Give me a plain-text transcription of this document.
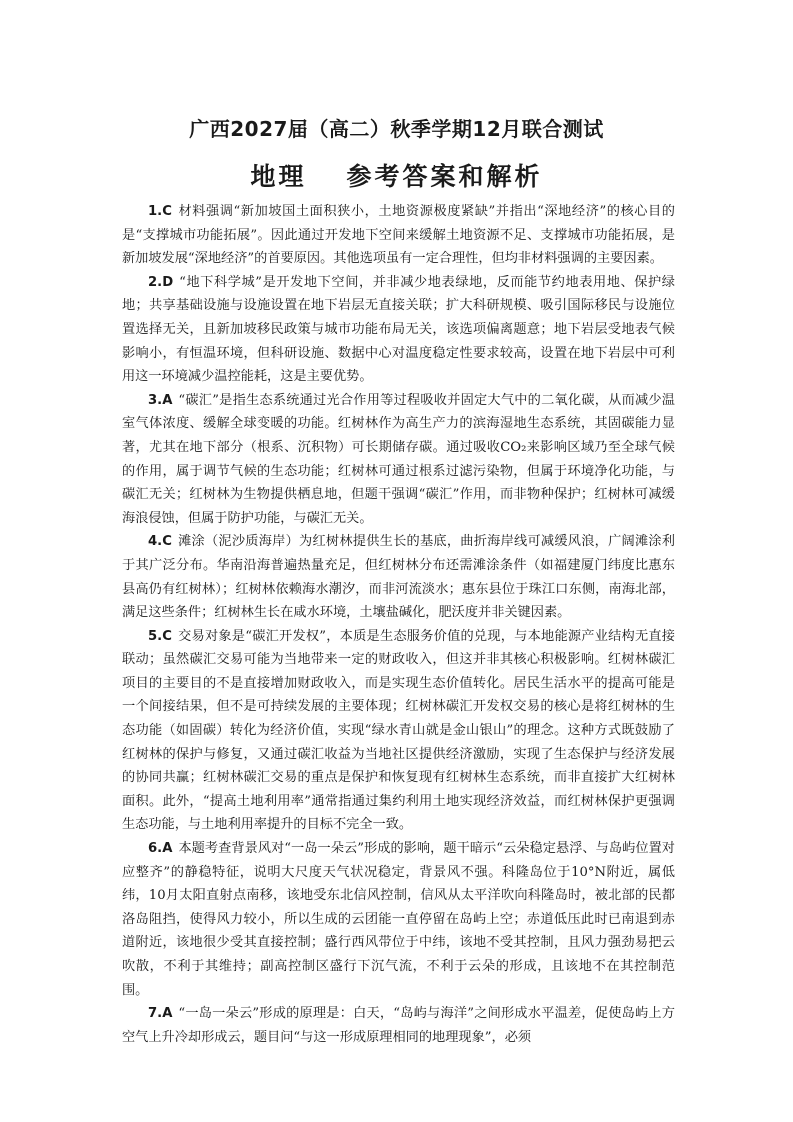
广西2027届（高二）秋季学期12月联合测试
地理 参考答案和解析

1.C 材料强调“新加坡国土面积狭小，土地资源极度紧缺”并指出“深地经济”的核心目的是“支撑城市功能拓展”。因此通过开发地下空间来缓解土地资源不足、支撑城市功能拓展，是新加坡发展“深地经济”的首要原因。其他选项虽有一定合理性，但均非材料强调的主要因素。

2.D “地下科学城”是开发地下空间，并非减少地表绿地，反而能节约地表用地、保护绿地；共享基础设施与设施设置在地下岩层无直接关联；扩大科研规模、吸引国际移民与设施位置选择无关，且新加坡移民政策与城市功能布局无关，该选项偏离题意；地下岩层受地表气候影响小，有恒温环境，但科研设施、数据中心对温度稳定性要求较高，设置在地下岩层中可利用这一环境减少温控能耗，这是主要优势。

3.A “碳汇”是指生态系统通过光合作用等过程吸收并固定大气中的二氧化碳，从而减少温室气体浓度、缓解全球变暖的功能。红树林作为高生产力的滨海湿地生态系统，其固碳能力显著，尤其在地下部分（根系、沉积物）可长期储存碳。通过吸收CO₂来影响区域乃至全球气候的作用，属于调节气候的生态功能；红树林可通过根系过滤污染物，但属于环境净化功能，与碳汇无关；红树林为生物提供栖息地，但题干强调“碳汇”作用，而非物种保护；红树林可减缓海浪侵蚀，但属于防护功能，与碳汇无关。

4.C 滩涂（泥沙质海岸）为红树林提供生长的基底，曲折海岸线可减缓风浪，广阔滩涂利于其广泛分布。华南沿海普遍热量充足，但红树林分布还需滩涂条件（如福建厦门纬度比惠东县高仍有红树林）；红树林依赖海水潮汐，而非河流淡水；惠东县位于珠江口东侧，南海北部，满足这些条件；红树林生长在咸水环境，土壤盐碱化，肥沃度并非关键因素。

5.C 交易对象是“碳汇开发权”，本质是生态服务价值的兑现，与本地能源产业结构无直接联动；虽然碳汇交易可能为当地带来一定的财政收入，但这并非其核心积极影响。红树林碳汇项目的主要目的不是直接增加财政收入，而是实现生态价值转化。居民生活水平的提高可能是一个间接结果，但不是可持续发展的主要体现；红树林碳汇开发权交易的核心是将红树林的生态功能（如固碳）转化为经济价值，实现“绿水青山就是金山银山”的理念。这种方式既鼓励了红树林的保护与修复，又通过碳汇收益为当地社区提供经济激励，实现了生态保护与经济发展的协同共赢；红树林碳汇交易的重点是保护和恢复现有红树林生态系统，而非直接扩大红树林面积。此外，“提高土地利用率”通常指通过集约利用土地实现经济效益，而红树林保护更强调生态功能，与土地利用率提升的目标不完全一致。

6.A 本题考查背景风对“一岛一朵云”形成的影响，题干暗示“云朵稳定悬浮、与岛屿位置对应整齐”的静稳特征，说明大尺度天气状况稳定，背景风不强。科隆岛位于10°N附近，属低纬，10月太阳直射点南移，该地受东北信风控制，信风从太平洋吹向科隆岛时，被北部的民都洛岛阻挡，使得风力较小，所以生成的云团能一直停留在岛屿上空；赤道低压此时已南退到赤道附近，该地很少受其直接控制；盛行西风带位于中纬，该地不受其控制，且风力强劲易把云吹散，不利于其维持；副高控制区盛行下沉气流，不利于云朵的形成，且该地不在其控制范围。

7.A “一岛一朵云”形成的原理是：白天，“岛屿与海洋”之间形成水平温差，促使岛屿上方空气上升冷却形成云，题目问“与这一形成原理相同的地理现象”，必须
